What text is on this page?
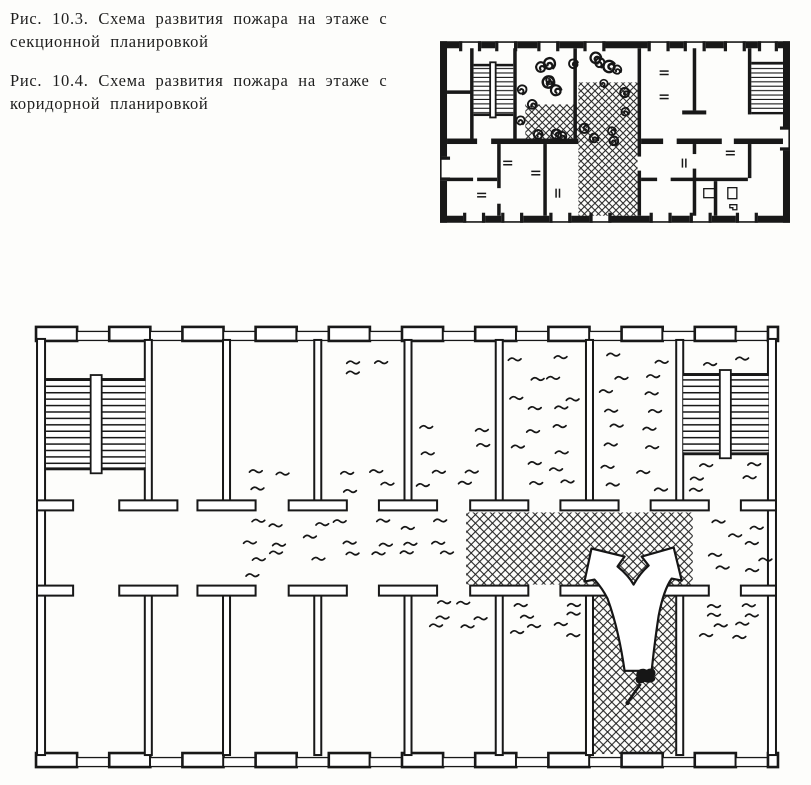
Рис. 10.3. Схема развития пожара на этаже с
секционной планировкой
Рис. 10.4. Схема развития пожара на этаже с
коридорной планировкой
